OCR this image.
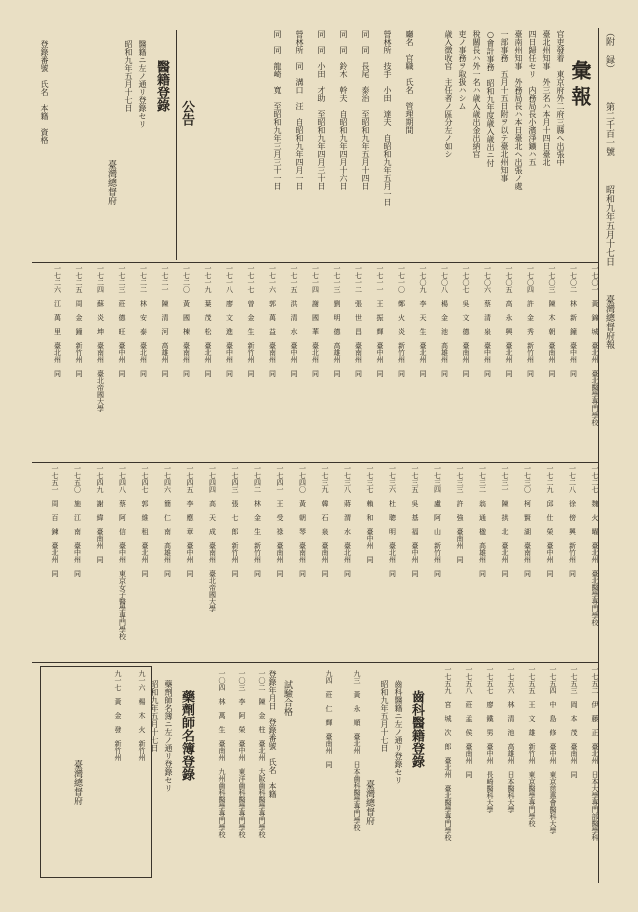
（附　録） 　 第二千百一號 　 昭和九年五月十七日 　 臺灣總督府報
彙報
官吏發着　東京府外二府三縣へ出張中
臺北州知事　外三名ハ本月十四日臺北
四日歸任セリ　内務局長小濱淨鑛ハ五
臺南州知事　外務局長ハ本日臺北ヘ出張ノ處
一部事務　五月十五日附ヲ以テ臺北州知事
○會計事務　昭和九年度歳入歳出ニ付
稅關長ハ外一名ハ歳入歳出金出納官
吏ノ事務ヲ取扱ハシム
歳入徴收官　主任者ノ區分左ノ如シ
廳名　官職　氏名　管理期間
營林所　技手　小田　達夫　自昭和九年五月一日
同　同　長尾　泰治　至昭和九年五月十四日
同　同　鈴木　幹夫　自昭和九年四月十六日
同　同　小田　才助　至昭和九年四月三十日
營林所　同　溝口　汪　自昭和九年四月一日
同　同　龍崎　寬　至昭和九年三月三十一日
公告
醫籍登錄
醫籍ニ左ノ通リ登錄セリ
昭和九年五月十七日
臺灣總督府
登錄番號　氏名　本籍　資格
一七〇一　黃　錦　城　臺北州　臺北醫學專門學校
一七〇二　林　新　鐘　臺中州　同
一七〇三　陳　木　朝　臺南州　同
一七〇四　許　金　秀　新竹州　同
一七〇五　高　永　興　臺北州　同
一七〇六　蔡　清　泉　臺中州　同
一七〇七　吳　文　德　臺南州　同
一七〇八　楊　金　池　高雄州　同
一七〇九　李　天　生　臺北州　同
一七一〇　鄭　火　炎　新竹州　同
一七一一　王　振　輝　臺中州　同
一七一二　張　世　昌　臺南州　同
一七一三　劉　明　德　高雄州　同
一七一四　謝　國　華　臺北州　同
一七一五　洪　清　水　臺中州　同
一七一六　郭　萬　益　臺南州　同
一七一七　曾　金　生　新竹州　同
一七一八　廖　文　進　臺中州　同
一七一九　葉　茂　松　臺北州　同
一七二〇　黃　國　棟　臺南州　同
一七二一　陳　清　河　高雄州　同
一七二二　林　安　泰　臺北州　同
一七二三　莊　德　旺　臺中州　同
一七二四　蘇　炎　坤　臺南州　臺北帝國大學
一七二五　周　金　鐘　新竹州　同
一七二六　江　萬　里　臺北州　同
一七二七　魏　火　曜　臺北州　臺北醫學專門學校
一七二八　徐　傍　興　新竹州　同
一七二九　邱　仕　榮　臺中州　同
一七三〇　柯　賢　湖　臺南州　同
一七三一　陳　拱　北　臺北州　同
一七三二　翁　通　楹　高雄州　同
一七三三　許　強　臺南州　同
一七三四　盧　阿　山　新竹州　同
一七三五　吳　基　福　臺中州　同
一七三六　杜　聰　明　臺北州　同
一七三七　賴　和　臺中州　同
一七三八　蔣　渭　水　臺北州　同
一七三九　韓　石　泉　臺南州　同
一七四〇　黃　朝　琴　臺南州　同
一七四一　王　受　祿　臺南州　同
一七四二　林　金　生　新竹州　同
一七四三　張　七　郎　新竹州　同
一七四四　高　天　成　臺南州　臺北帝國大學
一七四五　李　應　章　臺中州　同
一七四六　簡　仁　南　高雄州　同
一七四七　郭　維　租　臺北州　同
一七四八　蔡　阿　信　臺中州　東京女子醫學專門學校
一七四九　謝　緯　臺南州　同
一七五〇　施　江　南　臺中州　同
一七五一　周　百　鍊　臺北州　同
一七五二　伊　藤　正　臺北州　日本大學專門部醫學科
一七五三　岡　本　茂　臺南州　同
一七五四　中　島　修　臺中州　東京慈惠會醫科大學
一七五五　王　文　雄　新竹州　東京醫學專門學校
一七五六　林　清　池　高雄州　日本醫科大學
一七五七　廖　鐵　男　臺中州　長崎醫科大學
一七五八　莊　孟　侯　臺南州　同
一七五九　宮　城　次　郎　臺北州　臺北醫學專門學校
齒科醫籍登錄
齒科醫籍ニ左ノ通リ登錄セリ
昭和九年五月十七日
臺灣總督府
九三　黃　永　順　臺北州　日本齒科醫學專門學校
九四　莊　仁　輝　臺南州　同
試驗合格
登錄年月日　登錄番號　氏名　本籍
一〇二　陳　金　柱　臺北州　大阪齒科醫學專門學校
一〇三　李　阿　榮　臺中州　東洋齒科醫學專門學校
一〇四　林　萬　生　臺南州　九州齒科醫學專門學校
藥劑師名簿登錄
藥劑師名簿ニ左ノ通リ登錄セリ
昭和九年五月十七日
臺灣總督府
九一六　楊　木　火　新竹州
九一七　黃　金　發　新竹州
